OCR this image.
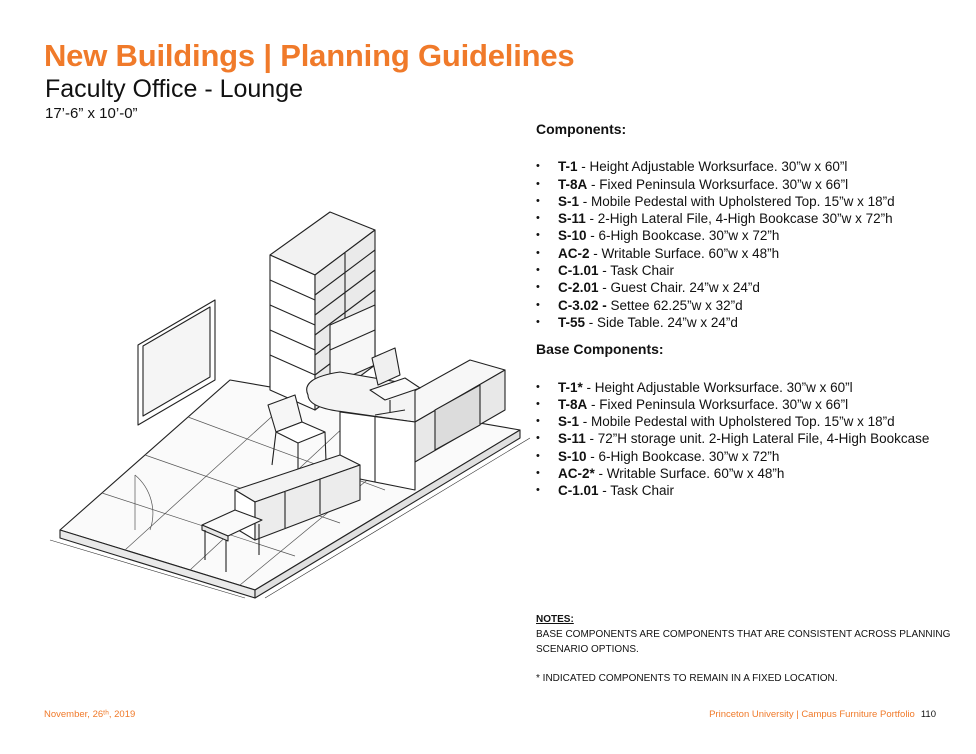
New Buildings | Planning Guidelines
Faculty Office - Lounge
17’-6” x 10’-0”
Components:
• T-1 - Height Adjustable Worksurface. 30”w x 60”l
• T-8A - Fixed Peninsula Worksurface. 30”w x 66”l
• S-1 - Mobile Pedestal with Upholstered Top. 15”w x 18”d
• S-11 - 2-High Lateral File, 4-High Bookcase 30”w x 72”h
• S-10 - 6-High Bookcase. 30”w x 72”h
• AC-2 - Writable Surface. 60”w x 48”h
• C-1.01 - Task Chair
• C-2.01 - Guest Chair. 24”w x 24”d
• C-3.02 - Settee 62.25”w x 32”d
• T-55 - Side Table. 24”w x 24”d
Base Components:
• T-1* - Height Adjustable Worksurface. 30”w x 60”l
• T-8A - Fixed Peninsula Worksurface. 30”w x 66”l
• S-1 - Mobile Pedestal with Upholstered Top. 15”w x 18”d
• S-11 - 72”H storage unit. 2-High Lateral File, 4-High Bookcase
• S-10 - 6-High Bookcase. 30”w x 72”h
• AC-2* - Writable Surface. 60”w x 48”h
• C-1.01 - Task Chair
NOTES:

BASE COMPONENTS ARE COMPONENTS THAT ARE CONSISTENT ACROSS PLANNING SCENARIO OPTIONS.

* INDICATED COMPONENTS TO REMAIN IN A FIXED LOCATION.

November, 26ᵗʰ, 2019	Princeton University | Campus Furniture Portfolio 110
